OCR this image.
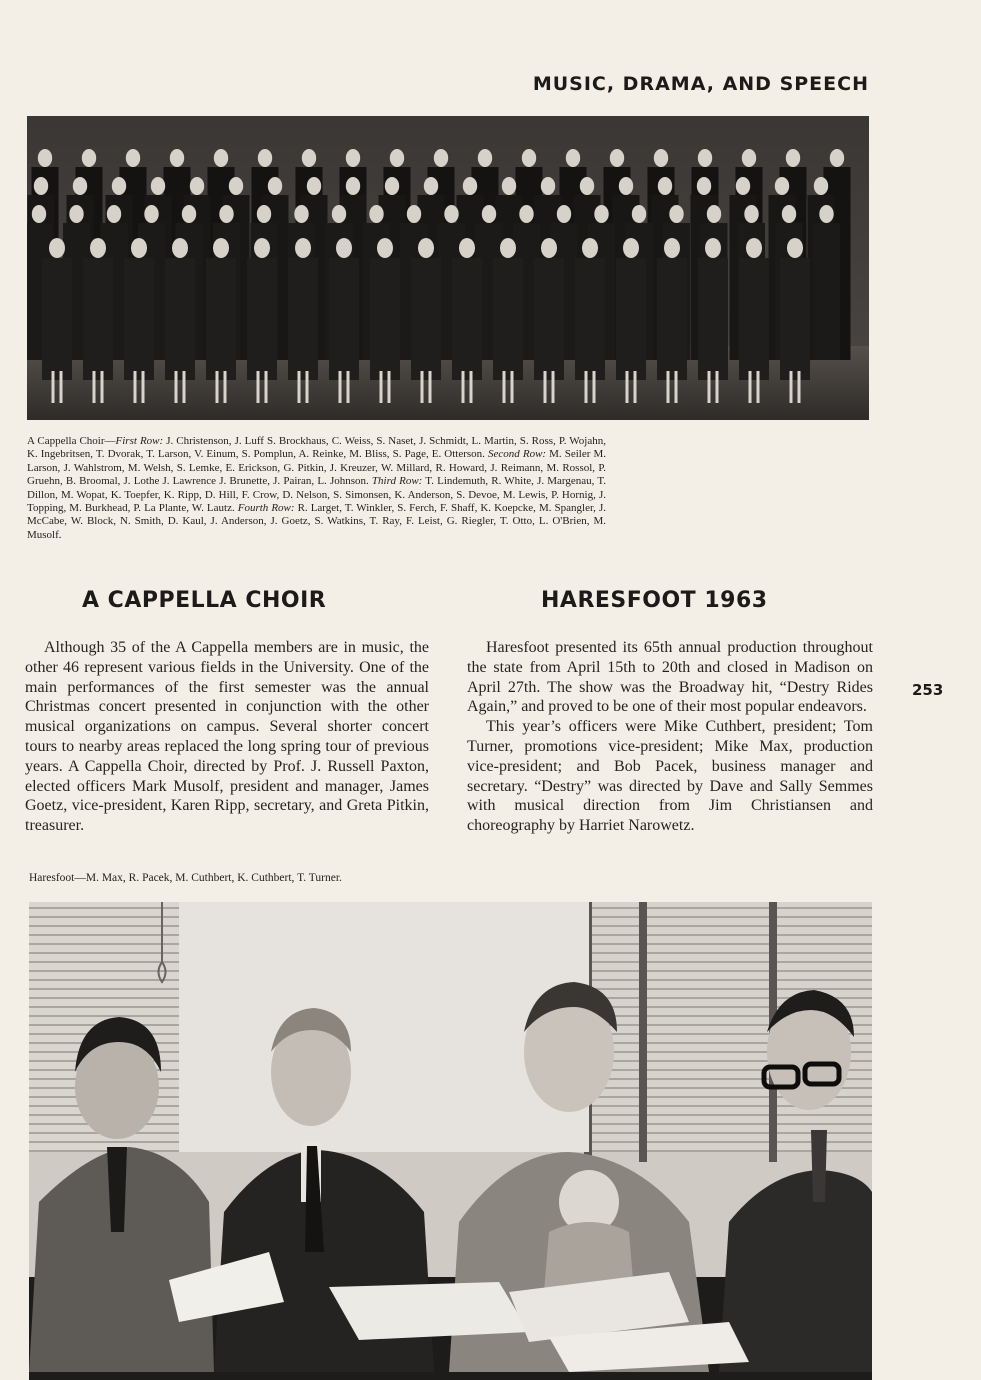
MUSIC, DRAMA, AND SPEECH
A Cappella Choir—First Row: J. Christenson, J. Luff S. Brockhaus, C. Weiss, S. Naset, J. Schmidt, L. Martin, S. Ross, P. Wojahn, K. Ingebritsen, T. Dvorak, T. Larson, V. Einum, S. Pomplun, A. Reinke, M. Bliss, S. Page, E. Otterson. Second Row: M. Seiler M. Larson, J. Wahlstrom, M. Welsh, S. Lemke, E. Erickson, G. Pitkin, J. Kreuzer, W. Millard, R. Howard, J. Reimann, M. Rossol, P. Gruehn, B. Broomal, J. Lothe J. Lawrence J. Brunette, J. Pairan, L. Johnson. Third Row: T. Lindemuth, R. White, J. Margenau, T. Dillon, M. Wopat, K. Toepfer, K. Ripp, D. Hill, F. Crow, D. Nelson, S. Simonsen, K. Anderson, S. Devoe, M. Lewis, P. Hornig, J. Topping, M. Burkhead, P. La Plante, W. Lautz. Fourth Row: R. Larget, T. Winkler, S. Ferch, F. Shaff, K. Koepcke, M. Spangler, J. McCabe, W. Block, N. Smith, D. Kaul, J. Anderson, J. Goetz, S. Watkins, T. Ray, F. Leist, G. Riegler, T. Otto, L. O'Brien, M. Musolf.
A CAPPELLA CHOIR	HARESFOOT 1963

Although 35 of the A Cappella members are in music, the other 46 represent various fields in the University. One of the main performances of the first semester was the annual Christmas concert presented in conjunction with the other musical organizations on campus. Several shorter concert tours to nearby areas replaced the long spring tour of previous years. A Cappella Choir, directed by Prof. J. Russell Paxton, elected officers Mark Musolf, president and manager, James Goetz, vice-president, Karen Ripp, secretary, and Greta Pitkin, treasurer.

Haresfoot presented its 65th annual production throughout the state from April 15th to 20th and closed in Madison on April 27th. The show was the Broadway hit, “Destry Rides Again,” and proved to be one of their most popular endeavors.

This year’s officers were Mike Cuthbert, president; Tom Turner, promotions vice-president; Mike Max, production vice-president; and Bob Pacek, business manager and secretary. “Destry” was directed by Dave and Sally Semmes with musical direction from Jim Christiansen and choreography by Harriet Narowetz.

253
Haresfoot—M. Max, R. Pacek, M. Cuthbert, K. Cuthbert, T. Turner.
